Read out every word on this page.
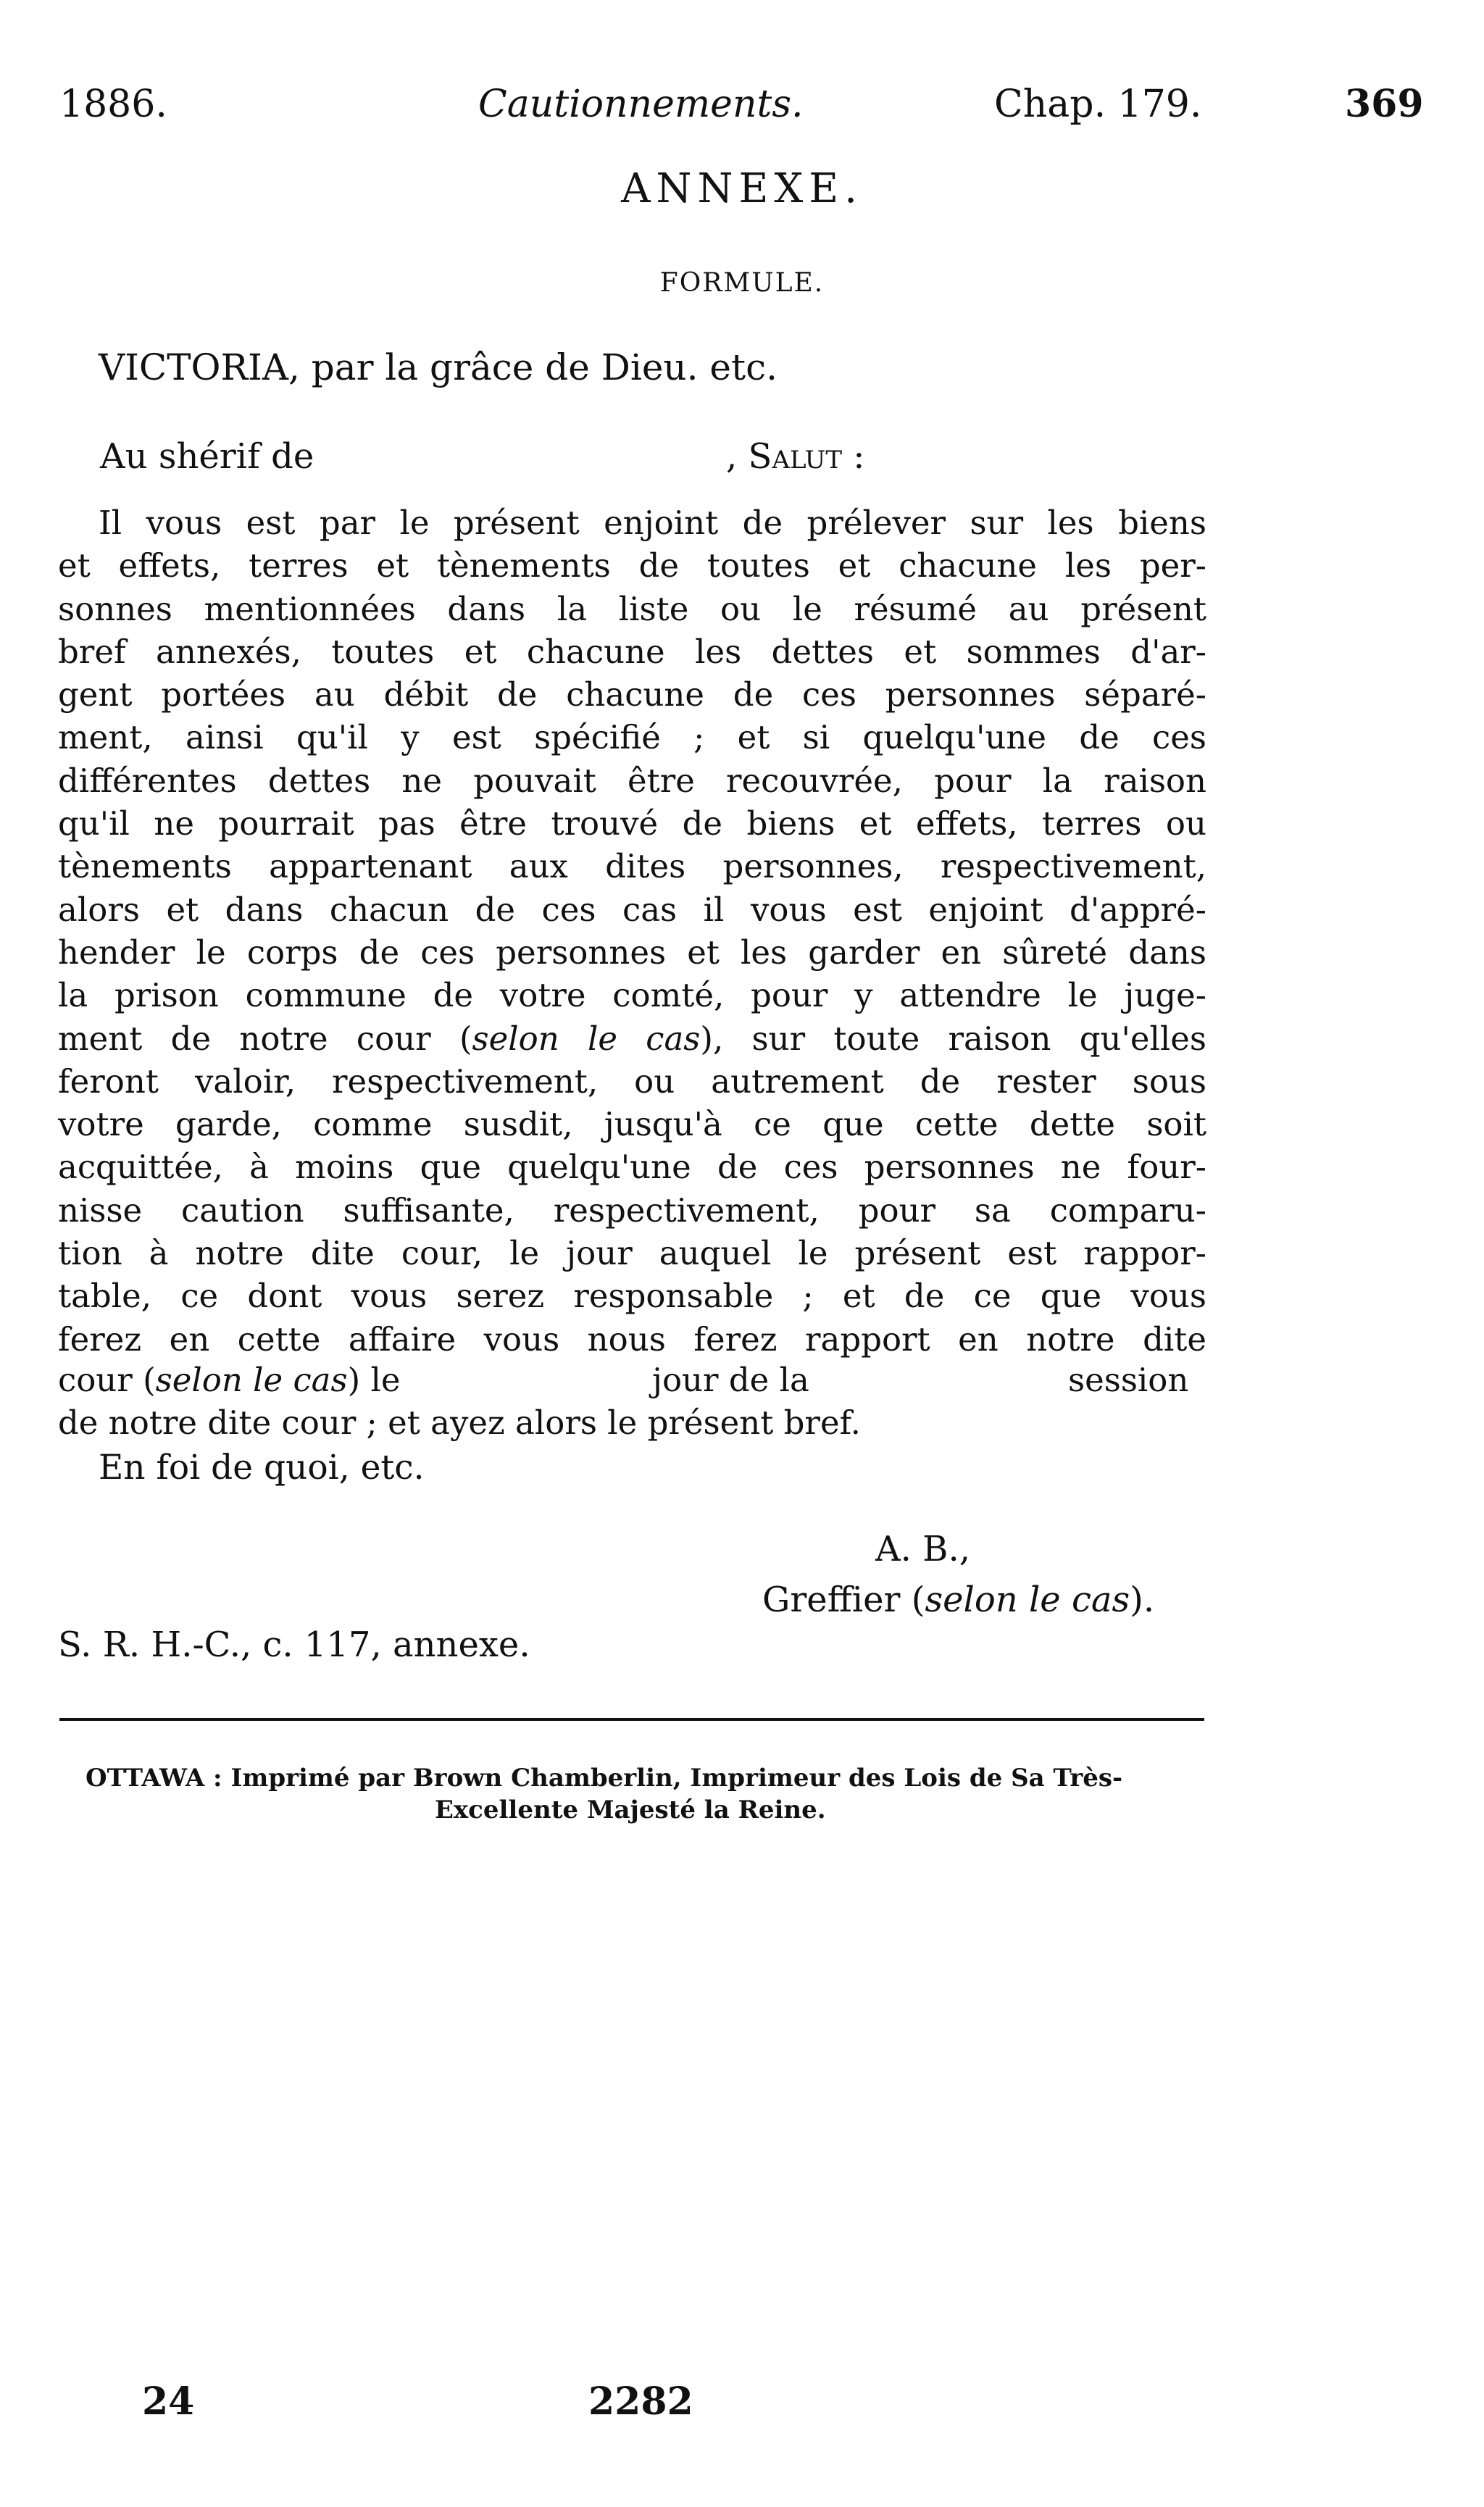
1886.	Cautionnements.	Chap. 179.	369
ANNEXE.
FORMULE.
VICTORIA, par la grâce de Dieu. etc.
Au shérif de	, Salut :
Il vous est par le présent enjoint de prélever sur les biens
et effets, terres et tènements de toutes et chacune les per-
sonnes mentionnées dans la liste ou le résumé au présent
bref annexés, toutes et chacune les dettes et sommes d'ar-
gent portées au débit de chacune de ces personnes séparé-
ment, ainsi qu'il y est spécifié ; et si quelqu'une de ces
différentes dettes ne pouvait être recouvrée, pour la raison
qu'il ne pourrait pas être trouvé de biens et effets, terres ou
tènements appartenant aux dites personnes, respectivement,
alors et dans chacun de ces cas il vous est enjoint d'appré-
hender le corps de ces personnes et les garder en sûreté dans
la prison commune de votre comté, pour y attendre le juge-
ment de notre cour (selon le cas), sur toute raison qu'elles
feront valoir, respectivement, ou autrement de rester sous
votre garde, comme susdit, jusqu'à ce que cette dette soit
acquittée, à moins que quelqu'une de ces personnes ne four-
nisse caution suffisante, respectivement, pour sa comparu-
tion à notre dite cour, le jour auquel le présent est rappor-
table, ce dont vous serez responsable ; et de ce que vous
ferez en cette affaire vous nous ferez rapport en notre dite
cour (selon le cas) le	jour de la	session
de notre dite cour ; et ayez alors le présent bref.
En foi de quoi, etc.
A. B.,
Greffier (selon le cas).
S. R. H.-C., c. 117, annexe.
OTTAWA : Imprimé par Brown Chamberlin, Imprimeur des Lois de Sa Très-
Excellente Majesté la Reine.
24	2282
